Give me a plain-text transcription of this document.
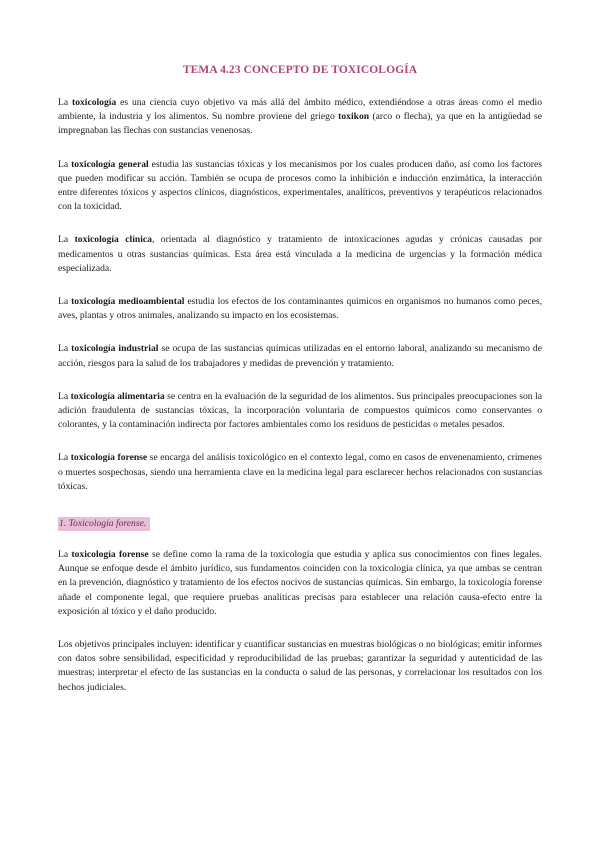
TEMA 4.23 CONCEPTO DE TOXICOLOGÍA

La toxicología es una ciencia cuyo objetivo va más allá del ámbito médico, extendiéndose a otras áreas como el medio ambiente, la industria y los alimentos. Su nombre proviene del griego toxikon (arco o flecha), ya que en la antigüedad se impregnaban las flechas con sustancias venenosas.

La toxicología general estudia las sustancias tóxicas y los mecanismos por los cuales producen daño, así como los factores que pueden modificar su acción. También se ocupa de procesos como la inhibición e inducción enzimática, la interacción entre diferentes tóxicos y aspectos clínicos, diagnósticos, experimentales, analíticos, preventivos y terapéuticos relacionados con la toxicidad.

La toxicología clínica, orientada al diagnóstico y tratamiento de intoxicaciones agudas y crónicas causadas por medicamentos u otras sustancias químicas. Esta área está vinculada a la medicina de urgencias y la formación médica especializada.

La toxicología medioambiental estudia los efectos de los contaminantes químicos en organismos no humanos como peces, aves, plantas y otros animales, analizando su impacto en los ecosistemas.

La toxicología industrial se ocupa de las sustancias químicas utilizadas en el entorno laboral, analizando su mecanismo de acción, riesgos para la salud de los trabajadores y medidas de prevención y tratamiento.

La toxicología alimentaria se centra en la evaluación de la seguridad de los alimentos. Sus principales preocupaciones son la adición fraudulenta de sustancias tóxicas, la incorporación voluntaria de compuestos químicos como conservantes o colorantes, y la contaminación indirecta por factores ambientales como los residuos de pesticidas o metales pesados.

La toxicología forense se encarga del análisis toxicológico en el contexto legal, como en casos de envenenamiento, crímenes o muertes sospechosas, siendo una herramienta clave en la medicina legal para esclarecer hechos relacionados con sustancias tóxicas.

1. Toxicología forense.

La toxicología forense se define como la rama de la toxicología que estudia y aplica sus conocimientos con fines legales. Aunque se enfoque desde el ámbito jurídico, sus fundamentos coinciden con la toxicología clínica, ya que ambas se centran en la prevención, diagnóstico y tratamiento de los efectos nocivos de sustancias químicas. Sin embargo, la toxicología forense añade el componente legal, que requiere pruebas analíticas precisas para establecer una relación causa-efecto entre la exposición al tóxico y el daño producido.

Los objetivos principales incluyen: identificar y cuantificar sustancias en muestras biológicas o no biológicas; emitir informes con datos sobre sensibilidad, especificidad y reproducibilidad de las pruebas; garantizar la seguridad y autenticidad de las muestras; interpretar el efecto de las sustancias en la conducta o salud de las personas, y correlacionar los resultados con los hechos judiciales.
